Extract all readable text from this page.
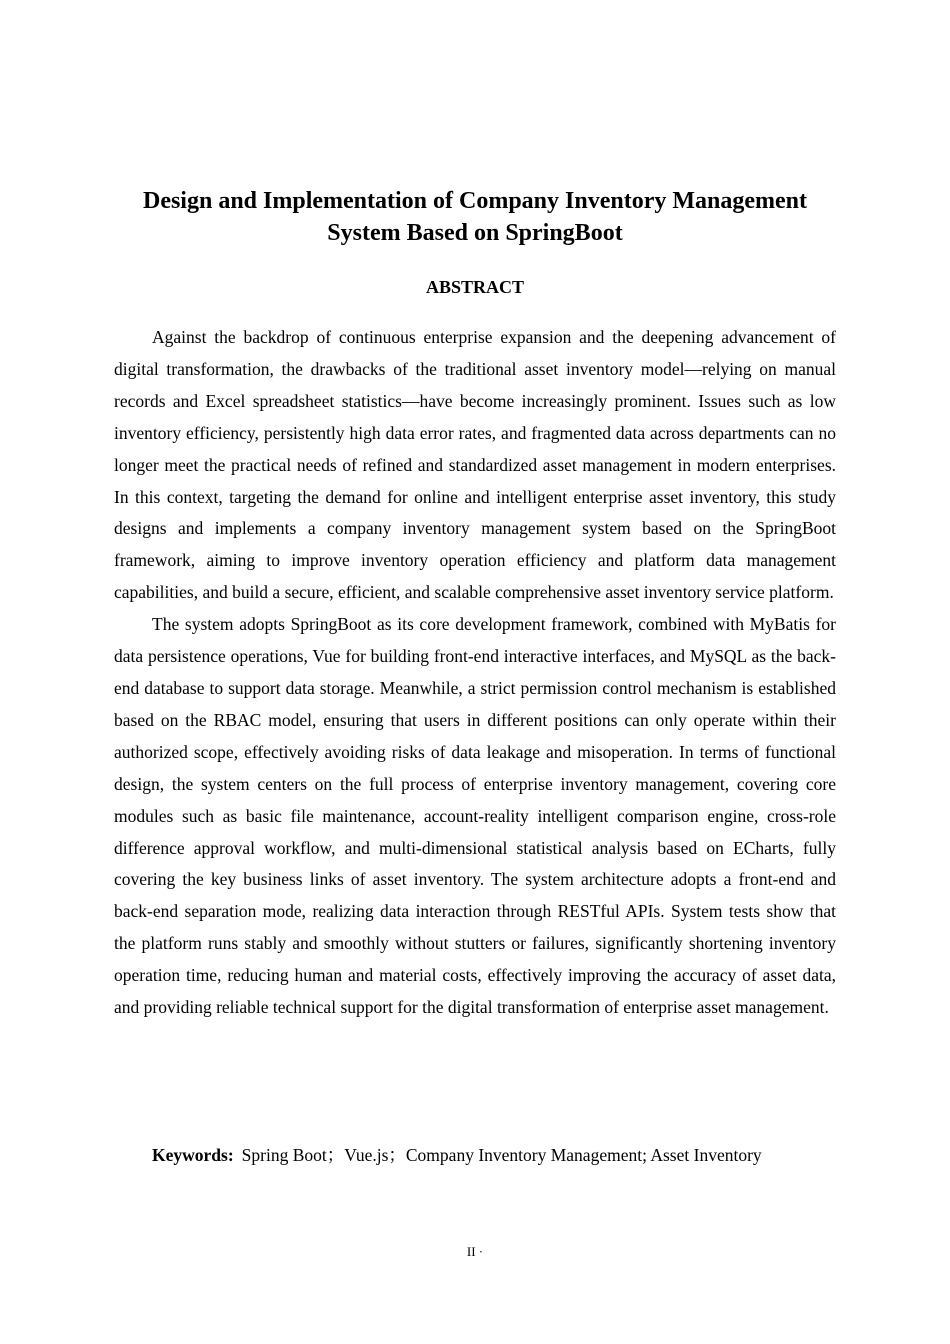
Design and Implementation of Company Inventory Management
System Based on SpringBoot
ABSTRACT

Against the backdrop of continuous enterprise expansion and the deepening advancement of digital transformation, the drawbacks of the traditional asset inventory model—relying on manual records and Excel spreadsheet statistics—have become increasingly prominent. Issues such as low inventory efficiency, persistently high data error rates, and fragmented data across departments can no longer meet the practical needs of refined and standardized asset management in modern enterprises. In this context, targeting the demand for online and intelligent enterprise asset inventory, this study designs and implements a company inventory management system based on the SpringBoot framework, aiming to improve inventory operation efficiency and platform data management capabilities, and build a secure, efficient, and scalable comprehensive asset inventory service platform.

The system adopts SpringBoot as its core development framework, combined with MyBatis for data persistence operations, Vue for building front-end interactive interfaces, and MySQL as the back-end database to support data storage. Meanwhile, a strict permission control mechanism is established based on the RBAC model, ensuring that users in different positions can only operate within their authorized scope, effectively avoiding risks of data leakage and misoperation. In terms of functional design, the system centers on the full process of enterprise inventory management, covering core modules such as basic file maintenance, account-reality intelligent comparison engine, cross-role difference approval workflow, and multi-dimensional statistical analysis based on ECharts, fully covering the key business links of asset inventory. The system architecture adopts a front-end and back-end separation mode, realizing data interaction through RESTful APIs. System tests show that the platform runs stably and smoothly without stutters or failures, significantly shortening inventory operation time, reducing human and material costs, effectively improving the accuracy of asset data, and providing reliable technical support for the digital transformation of enterprise asset management.

Keywords: Spring Boot；Vue.js；Company Inventory Management; Asset Inventory
II ·
